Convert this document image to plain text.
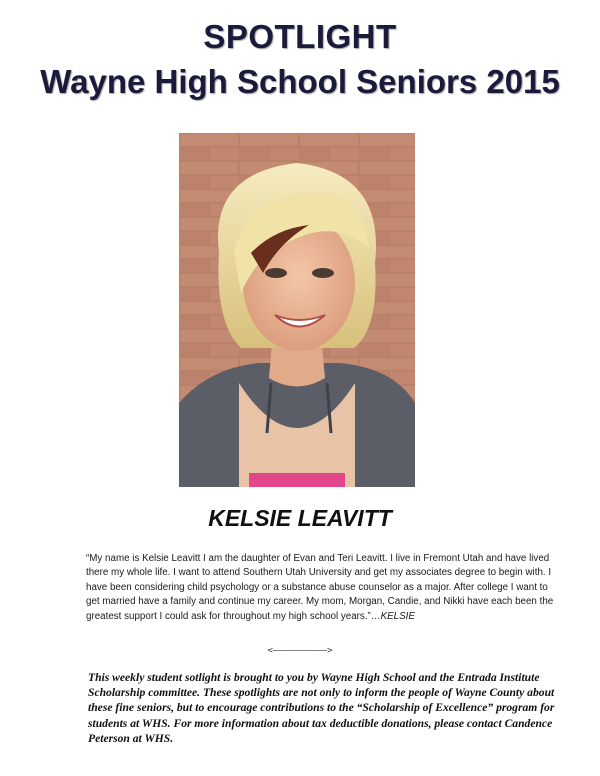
SPOTLIGHT
Wayne High School Seniors 2015
KELSIE LEAVITT

“My name is Kelsie Leavitt I am the daughter of Evan and Teri Leavitt. I live in Fremont Utah and have lived there my whole life. I want to attend Southern Utah University and get my associates degree to begin with. I have been considering child psychology or a substance abuse counselor as a major. After college I want to get married have a family and continue my career. My mom, Morgan, Candie, and Nikki have each been the greatest support I could ask for throughout my high school years.”…KELSIE

<——————————>

This weekly student sotlight is brought to you by Wayne High School and the Entrada Institute Scholarship committee. These spotlights are not only to inform the people of Wayne County about these fine seniors, but to encourage contributions to the “Scholarship of Excellence” program for students at WHS. For more information about tax deductible donations, please contact Candence Peterson at WHS.
